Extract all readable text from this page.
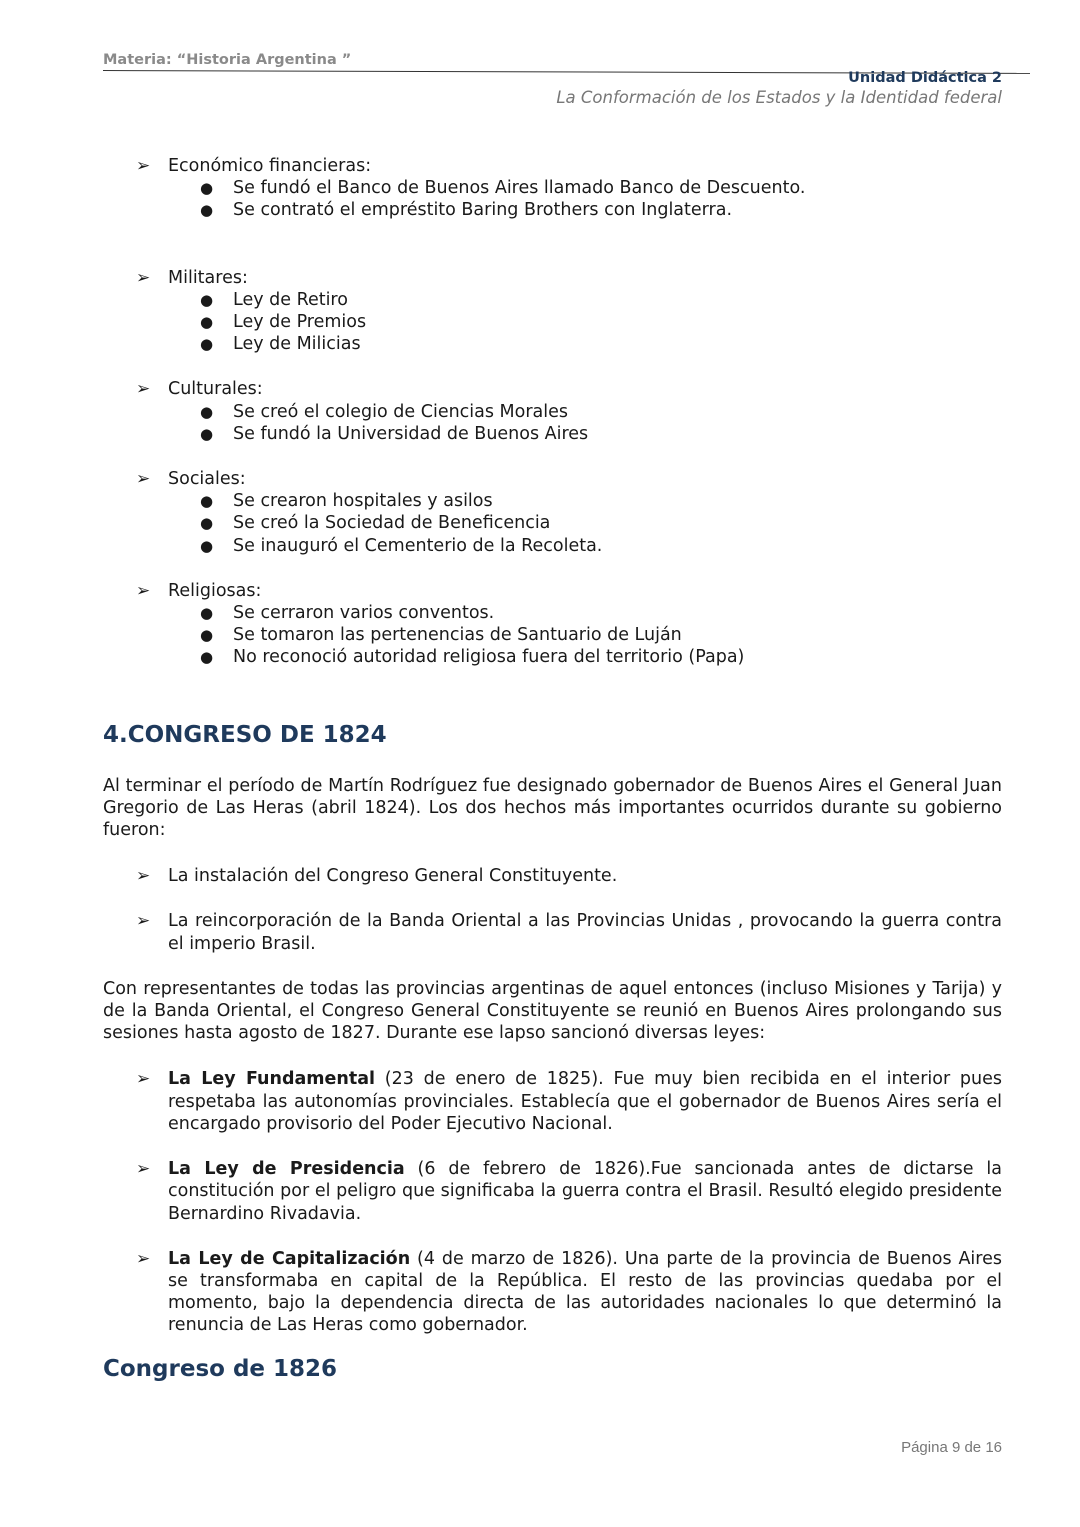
Materia: “Historia Argentina ”
Unidad Didáctica 2
La Conformación de los Estados y la Identidad federal
➢ Económico financieras:
● Se fundó el Banco de Buenos Aires llamado Banco de Descuento.
● Se contrató el empréstito Baring Brothers con Inglaterra.
➢ Militares:
● Ley de Retiro
● Ley de Premios
● Ley de Milicias
➢ Culturales:
● Se creó el colegio de Ciencias Morales
● Se fundó la Universidad de Buenos Aires
➢ Sociales:
● Se crearon hospitales y asilos
● Se creó la Sociedad de Beneficencia
● Se inauguró el Cementerio de la Recoleta.
➢ Religiosas:
● Se cerraron varios conventos.
● Se tomaron las pertenencias de Santuario de Luján
● No reconoció autoridad religiosa fuera del territorio (Papa)
4.CONGRESO DE 1824

Al terminar el período de Martín Rodríguez fue designado gobernador de Buenos Aires el General Juan Gregorio de Las Heras (abril 1824). Los dos hechos más importantes ocurridos durante su gobierno fueron:

➢ La instalación del Congreso General Constituyente.
➢ La reincorporación de la Banda Oriental a las Provincias Unidas , provocando la guerra contra el imperio Brasil.

Con representantes de todas las provincias argentinas de aquel entonces (incluso Misiones y Tarija) y de la Banda Oriental, el Congreso General Constituyente se reunió en Buenos Aires prolongando sus sesiones hasta agosto de 1827. Durante ese lapso sancionó diversas leyes:

➢ La Ley Fundamental (23 de enero de 1825). Fue muy bien recibida en el interior pues respetaba las autonomías provinciales. Establecía que el gobernador de Buenos Aires sería el encargado provisorio del Poder Ejecutivo Nacional.
➢ La Ley de Presidencia (6 de febrero de 1826).Fue sancionada antes de dictarse la constitución por el peligro que significaba la guerra contra el Brasil. Resultó elegido presidente Bernardino Rivadavia.
➢ La Ley de Capitalización (4 de marzo de 1826). Una parte de la provincia de Buenos Aires se transformaba en capital de la República. El resto de las provincias quedaba por el momento, bajo la dependencia directa de las autoridades nacionales lo que determinó la renuncia de Las Heras como gobernador.
Congreso de 1826
Página 9 de 16
